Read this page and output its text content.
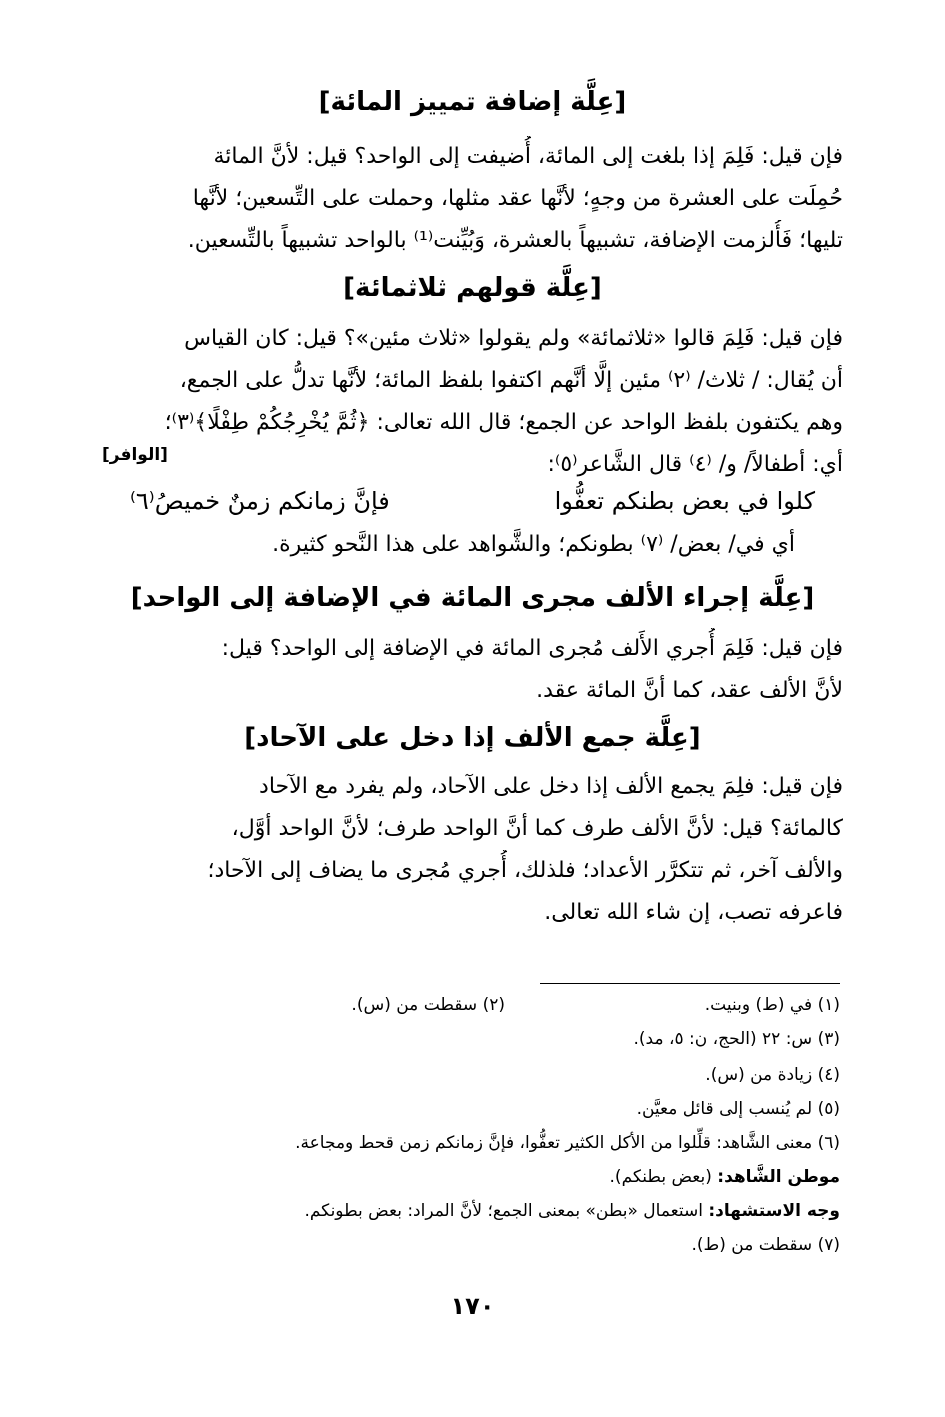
[عِلَّة إضافة تمييز المائة]
فإن قيل: فَلِمَ إذا بلغت إلى المائة، أُضيفت إلى الواحد؟ قيل: لأنَّ المائة
حُمِلَت على العشرة من وجهٍ؛ لأنَّها عقد مثلها، وحملت على التِّسعين؛ لأنَّها
تليها؛ فَأُلزمت الإضافة، تشبيهاً بالعشرة، وَبُيِّنت⁽¹⁾ بالواحد تشبيهاً بالتِّسعين.
[عِلَّة قولهم ثلاثمائة]
فإن قيل: فَلِمَ قالوا «ثلاثمائة» ولم يقولوا «ثلاث مئين»؟ قيل: كان القياس
أن يُقال: / ثلاث/ ⁽٢⁾ مئين إلَّا أنَّهم اكتفوا بلفظ المائة؛ لأنَّها تدلُّ على الجمع،
وهم يكتفون بلفظ الواحد عن الجمع؛ قال الله تعالى: ﴿ثُمَّ يُخْرِجُكُمْ طِفْلًا﴾⁽٣⁾؛
أي: أطفالاً/ و/ ⁽٤⁾ قال الشَّاعر⁽٥⁾:
[الوافر]
كلوا في بعض بطنكم تعفُّوا
فإنَّ زمانكم زمنٌ خميصُ⁽٦⁾
أي في/ بعض/ ⁽٧⁾ بطونكم؛ والشَّواهد على هذا النَّحو كثيرة.
[عِلَّة إجراء الألف مجرى المائة في الإضافة إلى الواحد]
فإن قيل: فَلِمَ أُجري الأَلف مُجرى المائة في الإضافة إلى الواحد؟ قيل:
لأنَّ الألف عقد، كما أنَّ المائة عقد.
[عِلَّة جمع الألف إذا دخل على الآحاد]
فإن قيل: فلِمَ يجمع الألف إذا دخل على الآحاد، ولم يفرد مع الآحاد
كالمائة؟ قيل: لأنَّ الألف طرف كما أنَّ الواحد طرف؛ لأنَّ الواحد أوَّل،
والألف آخر، ثم تتكرَّر الأعداد؛ فلذلك، أُجري مُجرى ما يضاف إلى الآحاد؛
فاعرفه تصب، إن شاء الله تعالى.
(١) في (ط) وبنيت.
(٢) سقطت من (س).
(٣) س: ٢٢ (الحج، ن: ٥، مد).
(٤) زيادة من (س).
(٥) لم يُنسب إلى قائل معيَّن.
(٦) معنى الشَّاهد: قلِّلوا من الأكل الكثير تعفُّوا، فإنَّ زمانكم زمن قحط ومجاعة.
موطن الشَّاهد: (بعض بطنكم).
وجه الاستشهاد: استعمال «بطن» بمعنى الجمع؛ لأنَّ المراد: بعض بطونكم.
(٧) سقطت من (ط).
١٧٠
